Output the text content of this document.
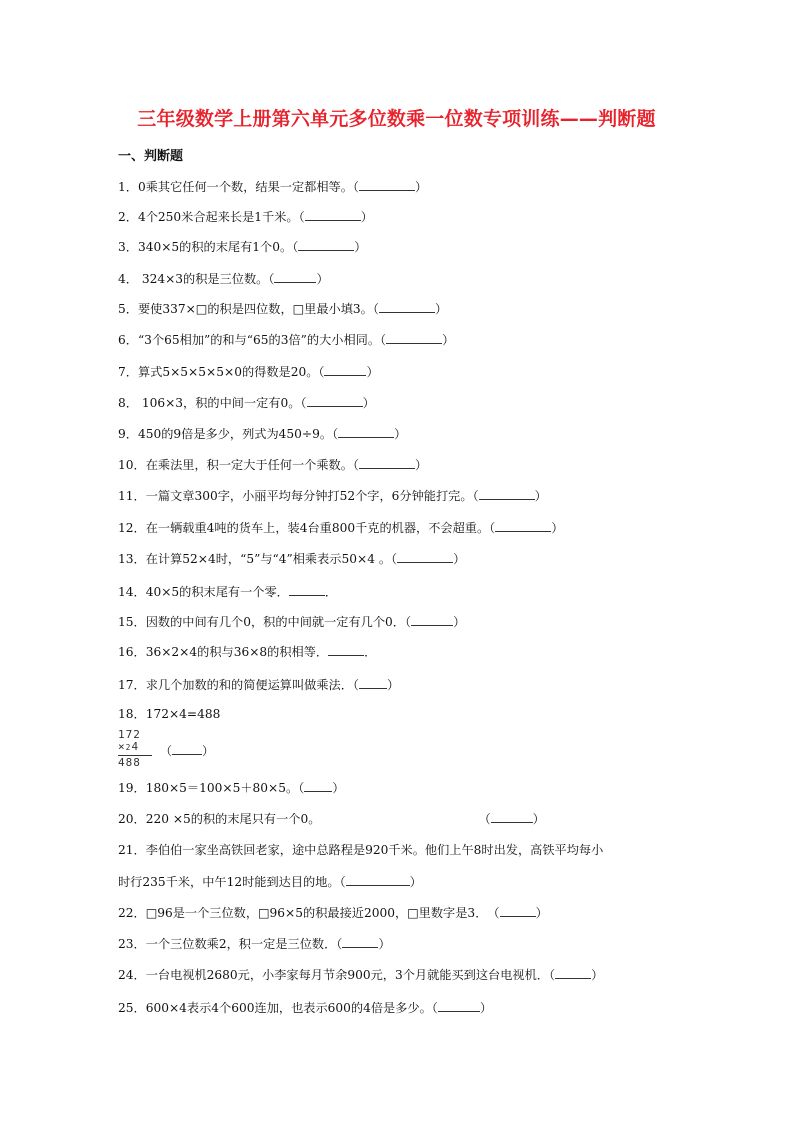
三年级数学上册第六单元多位数乘一位数专项训练——判断题
一、判断题
1．0乘其它任何一个数，结果一定都相等。（	）
2．4个250米合起来长是1千米。（	）
3．340×5的积的末尾有1个0。（	）
4． 324×3的积是三位数。（	）
5．要使337×□的积是四位数，□里最小填3。（	）
6．“3个65相加”的和与“65的3倍”的大小相同。（	）
7．算式5×5×5×5×0的得数是20。（	）
8． 106×3，积的中间一定有0。（	）
9．450的9倍是多少，列式为450÷9。（	）
10．在乘法里，积一定大于任何一个乘数。（	）
11．一篇文章300字，小丽平均每分钟打52个字，6分钟能打完。（	）
12．在一辆载重4吨的货车上，装4台重800千克的机器，不会超重。（	）
13．在计算52×4时，“5”与“4”相乘表示50×4 。（	）
14．40×5的积末尾有一个零．	．
15．因数的中间有几个0，积的中间就一定有几个0．（	）
16．36×2×4的积与36×8的积相等．	．
17．求几个加数的和的简便运算叫做乘法．（ ）
18．172×4=488
19．180×5＝100×5＋80×5。（ ）
20．220 ×5的积的末尾只有一个0。	（	）
21．李伯伯一家坐高铁回老家，途中总路程是920千米。他们上午8时出发，高铁平均每小
时行235千米，中午12时能到达目的地。（	）
22．□96是一个三位数，□96×5的积最接近2000，□里数字是3．　（	）
23．一个三位数乘2，积一定是三位数．（	）
24．一台电视机2680元，小李家每月节余900元，3个月就能买到这台电视机．（	）
25．600×4表示4个600连加，也表示600的4倍是多少。（	）
172
×24
488
（	）
